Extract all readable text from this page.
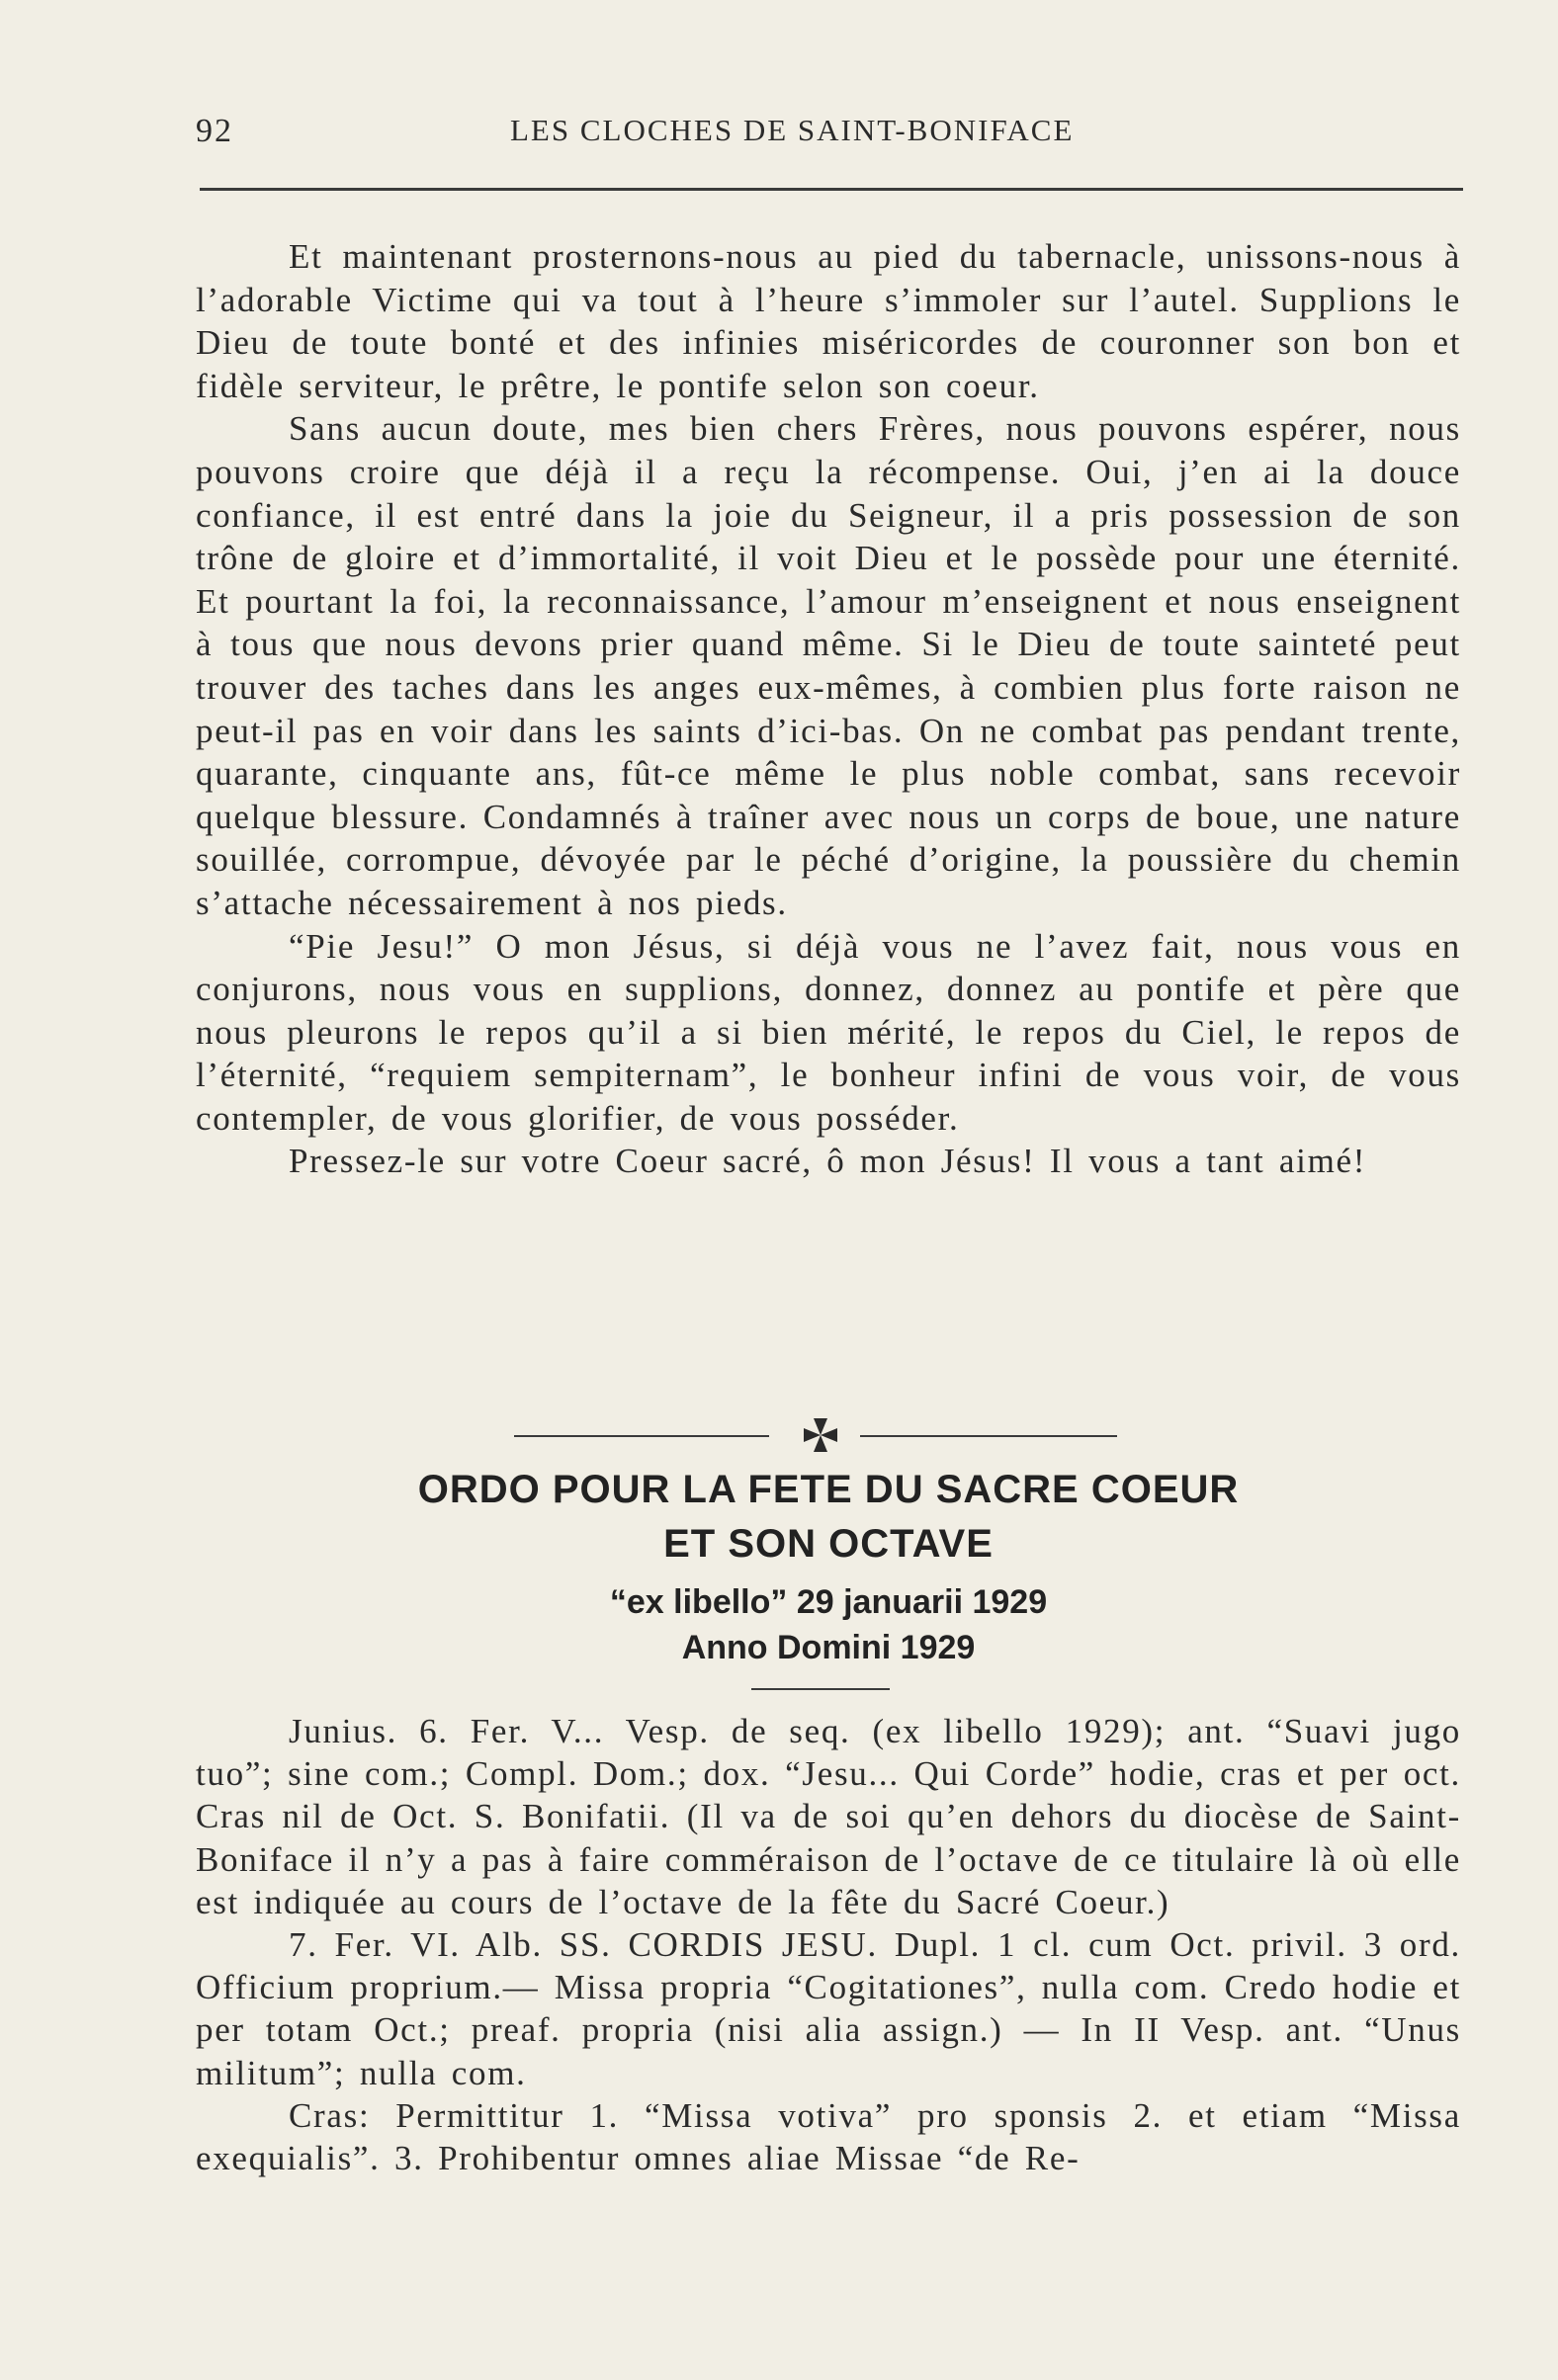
92	LES CLOCHES DE SAINT-BONIFACE

Et maintenant prosternons-nous au pied du tabernacle, unissons-nous à l’adorable Victime qui va tout à l’heure s’immoler sur l’autel. Supplions le Dieu de toute bonté et des infinies miséricordes de couronner son bon et fidèle serviteur, le prêtre, le pontife selon son coeur.

Sans aucun doute, mes bien chers Frères, nous pouvons espérer, nous pouvons croire que déjà il a reçu la récompense. Oui, j’en ai la douce confiance, il est entré dans la joie du Seigneur, il a pris possession de son trône de gloire et d’immortalité, il voit Dieu et le possède pour une éternité. Et pourtant la foi, la reconnaissance, l’amour m’enseignent et nous enseignent à tous que nous devons prier quand même. Si le Dieu de toute sainteté peut trouver des taches dans les anges eux-mêmes, à combien plus forte raison ne peut-il pas en voir dans les saints d’ici-bas. On ne combat pas pendant trente, quarante, cinquante ans, fût-ce même le plus noble combat, sans recevoir quelque blessure. Condamnés à traîner avec nous un corps de boue, une nature souillée, corrompue, dévoyée par le péché d’origine, la poussière du chemin s’attache nécessairement à nos pieds.

“Pie Jesu!” O mon Jésus, si déjà vous ne l’avez fait, nous vous en conjurons, nous vous en supplions, donnez, donnez au pontife et père que nous pleurons le repos qu’il a si bien mérité, le repos du Ciel, le repos de l’éternité, “requiem sempiternam”, le bonheur infini de vous voir, de vous contempler, de vous glorifier, de vous posséder.

Pressez-le sur votre Coeur sacré, ô mon Jésus! Il vous a tant aimé!

ORDO POUR LA FETE DU SACRE COEUR
ET SON OCTAVE
“ex libello” 29 januarii 1929
Anno Domini 1929

Junius. 6. Fer. V... Vesp. de seq. (ex libello 1929); ant. “Suavi jugo tuo”; sine com.; Compl. Dom.; dox. “Jesu... Qui Corde” hodie, cras et per oct. Cras nil de Oct. S. Bonifatii. (Il va de soi qu’en dehors du diocèse de Saint-Boniface il n’y a pas à faire comméraison de l’octave de ce titulaire là où elle est indiquée au cours de l’octave de la fête du Sacré Coeur.)

7. Fer. VI. Alb. SS. CORDIS JESU. Dupl. 1 cl. cum Oct. privil. 3 ord. Officium proprium.— Missa propria “Cogitationes”, nulla com. Credo hodie et per totam Oct.; preaf. propria (nisi alia assign.) — In II Vesp. ant. “Unus militum”; nulla com.

Cras: Permittitur 1. “Missa votiva” pro sponsis 2. et etiam “Missa exequialis”. 3. Prohibentur omnes aliae Missae “de Re-
